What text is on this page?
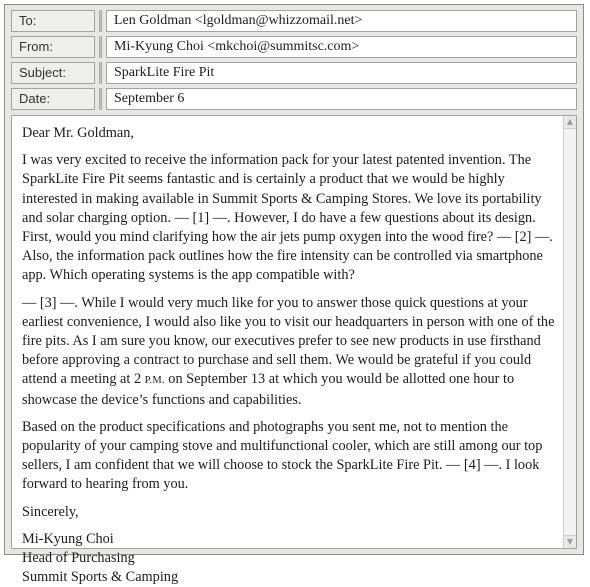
To:	Len Goldman <lgoldman@whizzomail.net>
From:	Mi-Kyung Choi <mkchoi@summitsc.com>
Subject:	SparkLite Fire Pit
Date:	September 6

Dear Mr. Goldman,

I was very excited to receive the information pack for your latest patented invention. The SparkLite Fire Pit seems fantastic and is certainly a product that we would be highly interested in making available in Summit Sports & Camping Stores. We love its portability and solar charging option. — [1] —. However, I do have a few questions about its design. First, would you mind clarifying how the air jets pump oxygen into the wood fire? — [2] —. Also, the information pack outlines how the fire intensity can be controlled via smartphone app. Which operating systems is the app compatible with?

— [3] —. While I would very much like for you to answer those quick questions at your earliest convenience, I would also like you to visit our headquarters in person with one of the fire pits. As I am sure you know, our executives prefer to see new products in use firsthand before approving a contract to purchase and sell them. We would be grateful if you could attend a meeting at 2 P.M. on September 13 at which you would be allotted one hour to showcase the device’s functions and capabilities.

Based on the product specifications and photographs you sent me, not to mention the popularity of your camping stove and multifunctional cooler, which are still among our top sellers, I am confident that we will choose to stock the SparkLite Fire Pit. — [4] —. I look forward to hearing from you.

Sincerely,

Mi-Kyung Choi

Head of Purchasing

Summit Sports & Camping

▲
▼
